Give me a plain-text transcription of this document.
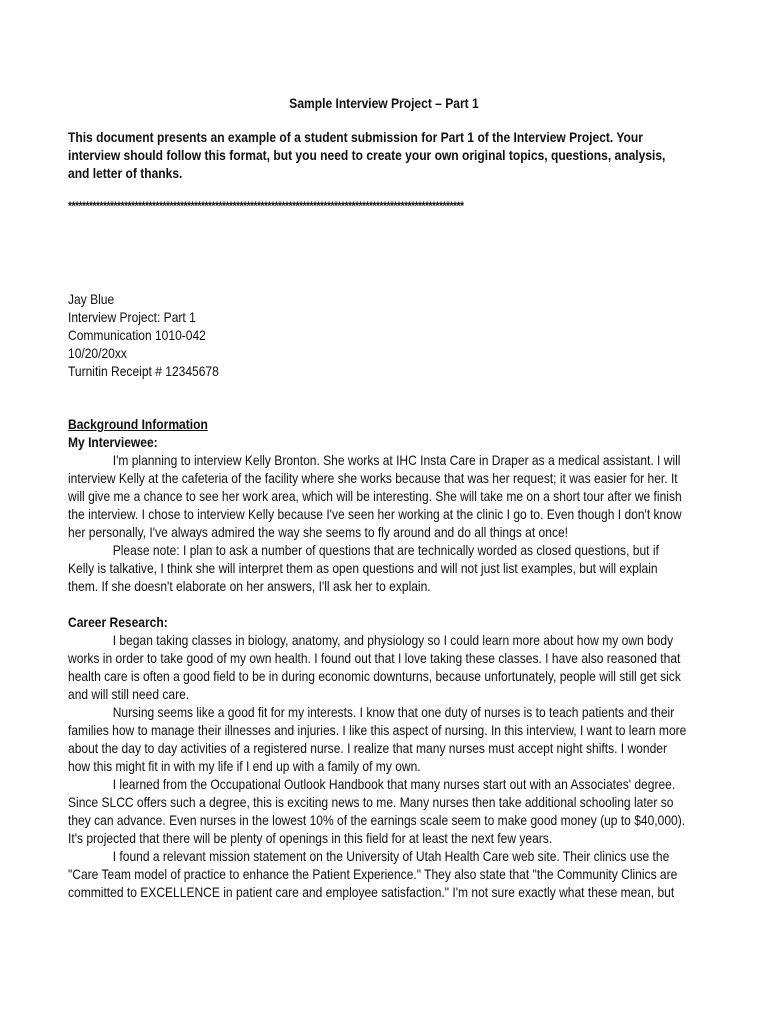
Sample Interview Project – Part 1
This document presents an example of a student submission for Part 1 of the Interview Project. Your interview should follow this format, but you need to create your own original topics, questions, analysis, and letter of thanks.
*****************************************************************************************************************
Jay Blue
Interview Project: Part 1
Communication 1010-042
10/20/20xx
Turnitin Receipt # 12345678
Background Information
My Interviewee:

I'm planning to interview Kelly Bronton. She works at IHC Insta Care in Draper as a medical assistant. I will interview Kelly at the cafeteria of the facility where she works because that was her request; it was easier for her. It will give me a chance to see her work area, which will be interesting. She will take me on a short tour after we finish the interview. I chose to interview Kelly because I've seen her working at the clinic I go to. Even though I don't know her personally, I've always admired the way she seems to fly around and do all things at once!

Please note: I plan to ask a number of questions that are technically worded as closed questions, but if Kelly is talkative, I think she will interpret them as open questions and will not just list examples, but will explain them. If she doesn't elaborate on her answers, I'll ask her to explain.

Career Research:

I began taking classes in biology, anatomy, and physiology so I could learn more about how my own body works in order to take good of my own health. I found out that I love taking these classes. I have also reasoned that health care is often a good field to be in during economic downturns, because unfortunately, people will still get sick and will still need care.

Nursing seems like a good fit for my interests. I know that one duty of nurses is to teach patients and their families how to manage their illnesses and injuries. I like this aspect of nursing. In this interview, I want to learn more about the day to day activities of a registered nurse. I realize that many nurses must accept night shifts. I wonder how this might fit in with my life if I end up with a family of my own.

I learned from the Occupational Outlook Handbook that many nurses start out with an Associates' degree. Since SLCC offers such a degree, this is exciting news to me. Many nurses then take additional schooling later so they can advance. Even nurses in the lowest 10% of the earnings scale seem to make good money (up to $40,000). It's projected that there will be plenty of openings in this field for at least the next few years.

I found a relevant mission statement on the University of Utah Health Care web site. Their clinics use the "Care Team model of practice to enhance the Patient Experience." They also state that "the Community Clinics are committed to EXCELLENCE in patient care and employee satisfaction." I'm not sure exactly what these mean, but
